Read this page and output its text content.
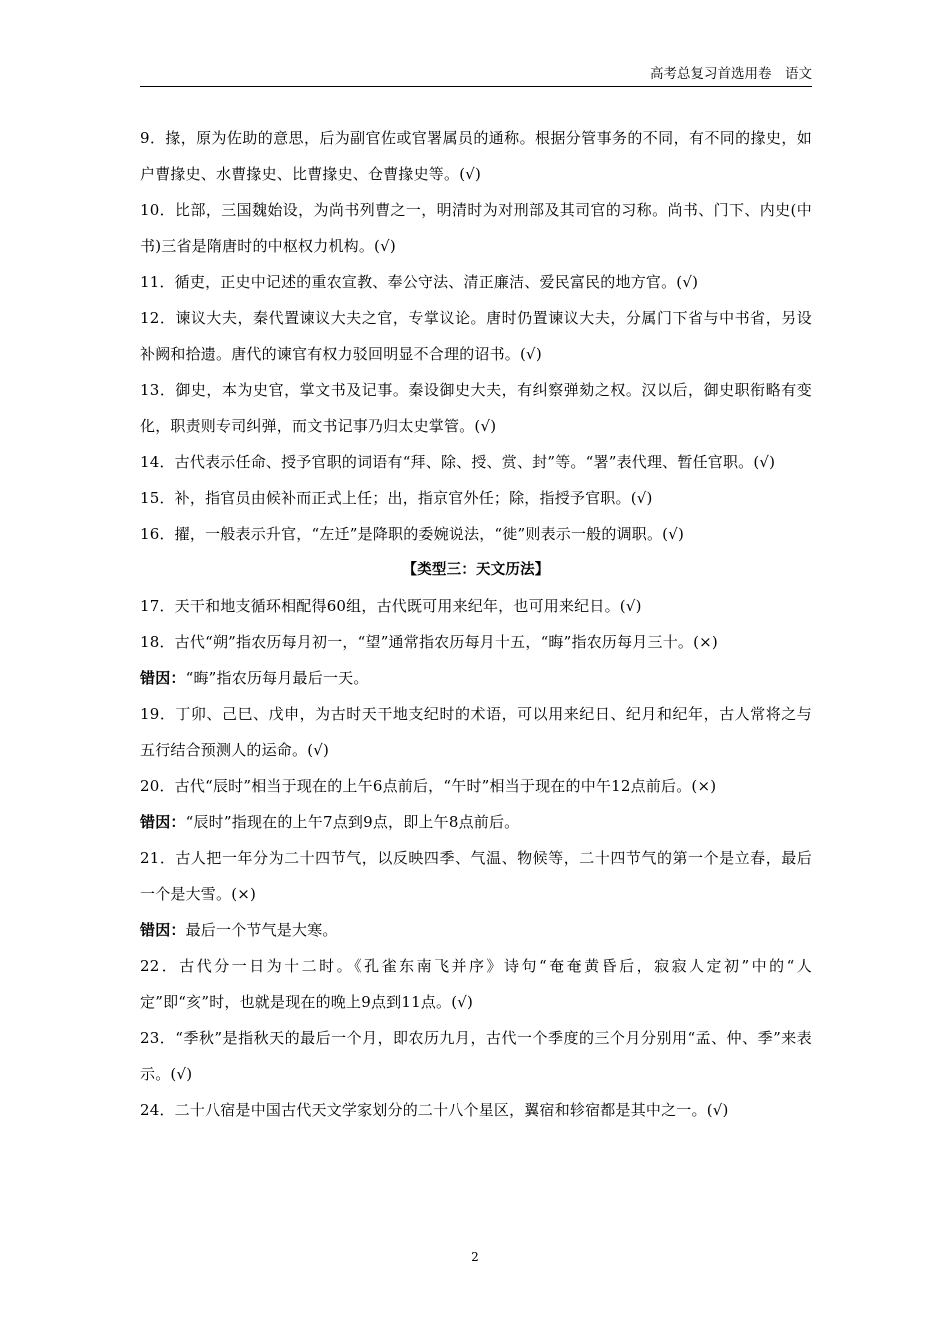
高考总复习首选用卷　语文

9．掾，原为佐助的意思，后为副官佐或官署属员的通称。根据分管事务的不同，有不同的掾史，如户曹掾史、水曹掾史、比曹掾史、仓曹掾史等。(√)

10．比部，三国魏始设，为尚书列曹之一，明清时为对刑部及其司官的习称。尚书、门下、内史(中书)三省是隋唐时的中枢权力机构。(√)

11．循吏，正史中记述的重农宣教、奉公守法、清正廉洁、爱民富民的地方官。(√)

12．谏议大夫，秦代置谏议大夫之官，专掌议论。唐时仍置谏议大夫，分属门下省与中书省，另设补阙和拾遗。唐代的谏官有权力驳回明显不合理的诏书。(√)

13．御史，本为史官，掌文书及记事。秦设御史大夫，有纠察弹劾之权。汉以后，御史职衔略有变化，职责则专司纠弹，而文书记事乃归太史掌管。(√)

14．古代表示任命、授予官职的词语有“拜、除、授、赏、封”等。“署”表代理、暂任官职。(√)

15．补，指官员由候补而正式上任；出，指京官外任；除，指授予官职。(√)

16．擢，一般表示升官，“左迁”是降职的委婉说法，“徙”则表示一般的调职。(√)

【类型三：天文历法】

17．天干和地支循环相配得60组，古代既可用来纪年，也可用来纪日。(√)

18．古代“朔”指农历每月初一，“望”通常指农历每月十五，“晦”指农历每月三十。(×)

错因：“晦”指农历每月最后一天。

19．丁卯、己巳、戊申，为古时天干地支纪时的术语，可以用来纪日、纪月和纪年，古人常将之与五行结合预测人的运命。(√)

20．古代“辰时”相当于现在的上午6点前后，“午时”相当于现在的中午12点前后。(×)

错因：“辰时”指现在的上午7点到9点，即上午8点前后。

21．古人把一年分为二十四节气，以反映四季、气温、物候等，二十四节气的第一个是立春，最后一个是大雪。(×)

错因：最后一个节气是大寒。

22．古代分一日为十二时。《孔雀东南飞并序》诗句“奄奄黄昏后，寂寂人定初”中的“人定”即“亥”时，也就是现在的晚上9点到11点。(√)

23．“季秋”是指秋天的最后一个月，即农历九月，古代一个季度的三个月分别用“孟、仲、季”来表示。(√)

24．二十八宿是中国古代天文学家划分的二十八个星区，翼宿和轸宿都是其中之一。(√)

2
